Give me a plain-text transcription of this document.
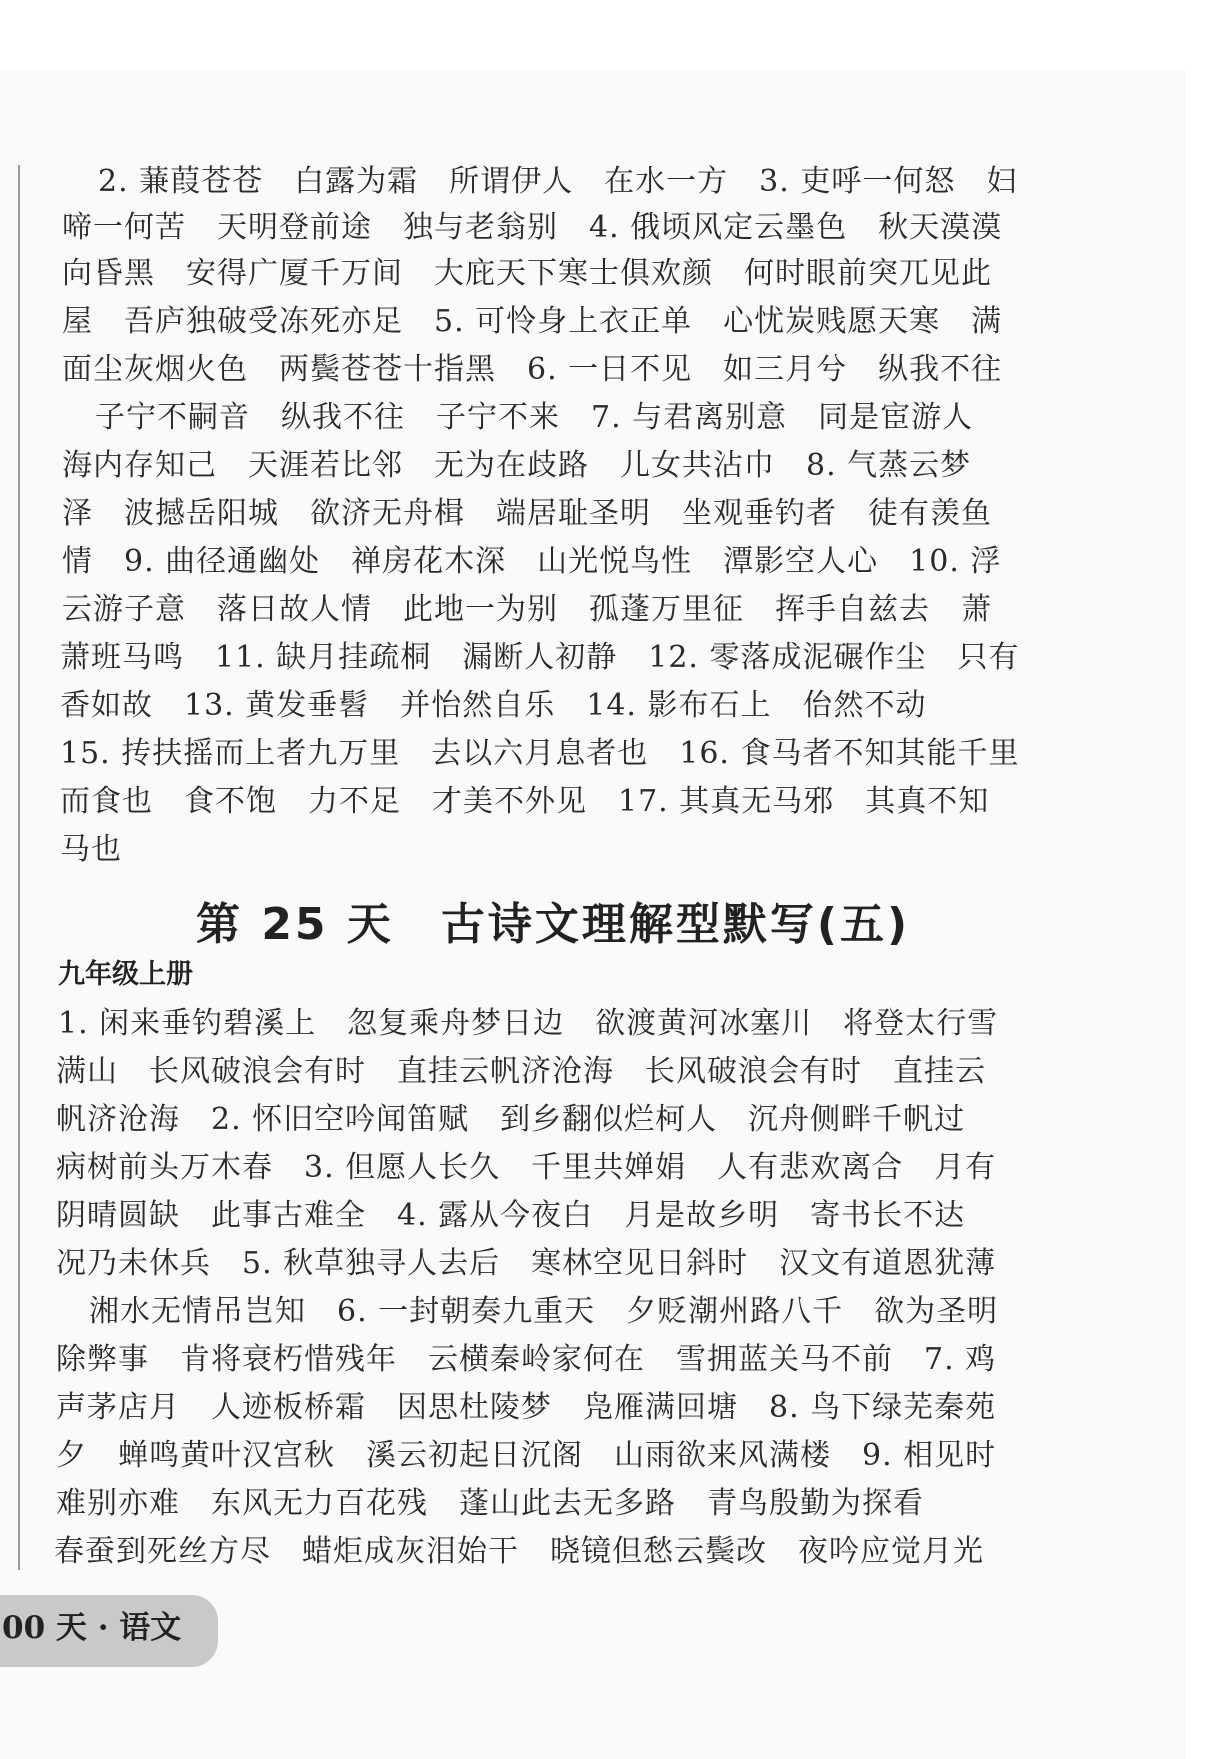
2. 蒹葭苍苍　白露为霜　所谓伊人　在水一方　3. 吏呼一何怒　妇
啼一何苦　天明登前途　独与老翁别　4. 俄顷风定云墨色　秋天漠漠
向昏黑　安得广厦千万间　大庇天下寒士俱欢颜　何时眼前突兀见此
屋　吾庐独破受冻死亦足　5. 可怜身上衣正单　心忧炭贱愿天寒　满
面尘灰烟火色　两鬓苍苍十指黑　6. 一日不见　如三月兮　纵我不往
　子宁不嗣音　纵我不往　子宁不来　7. 与君离别意　同是宦游人
海内存知己　天涯若比邻　无为在歧路　儿女共沾巾　8. 气蒸云梦
泽　波撼岳阳城　欲济无舟楫　端居耻圣明　坐观垂钓者　徒有羡鱼
情　9. 曲径通幽处　禅房花木深　山光悦鸟性　潭影空人心　10. 浮
云游子意　落日故人情　此地一为别　孤蓬万里征　挥手自兹去　萧
萧班马鸣　11. 缺月挂疏桐　漏断人初静　12. 零落成泥碾作尘　只有
香如故　13. 黄发垂髫　并怡然自乐　14. 影布石上　佁然不动
15. 抟扶摇而上者九万里　去以六月息者也　16. 食马者不知其能千里
而食也　食不饱　力不足　才美不外见　17. 其真无马邪　其真不知
马也
第 25 天　古诗文理解型默写(五)
九年级上册
1. 闲来垂钓碧溪上　忽复乘舟梦日边　欲渡黄河冰塞川　将登太行雪
满山　长风破浪会有时　直挂云帆济沧海　长风破浪会有时　直挂云
帆济沧海　2. 怀旧空吟闻笛赋　到乡翻似烂柯人　沉舟侧畔千帆过
病树前头万木春　3. 但愿人长久　千里共婵娟　人有悲欢离合　月有
阴晴圆缺　此事古难全　4. 露从今夜白　月是故乡明　寄书长不达
况乃未休兵　5. 秋草独寻人去后　寒林空见日斜时　汉文有道恩犹薄
　湘水无情吊岂知　6. 一封朝奏九重天　夕贬潮州路八千　欲为圣明
除弊事　肯将衰朽惜残年　云横秦岭家何在　雪拥蓝关马不前　7. 鸡
声茅店月　人迹板桥霜　因思杜陵梦　凫雁满回塘　8. 鸟下绿芜秦苑
夕　蝉鸣黄叶汉宫秋　溪云初起日沉阁　山雨欲来风满楼　9. 相见时
难别亦难　东风无力百花残　蓬山此去无多路　青鸟殷勤为探看
春蚕到死丝方尽　蜡炬成灰泪始干　晓镜但愁云鬓改　夜吟应觉月光
00 天 · 语文
